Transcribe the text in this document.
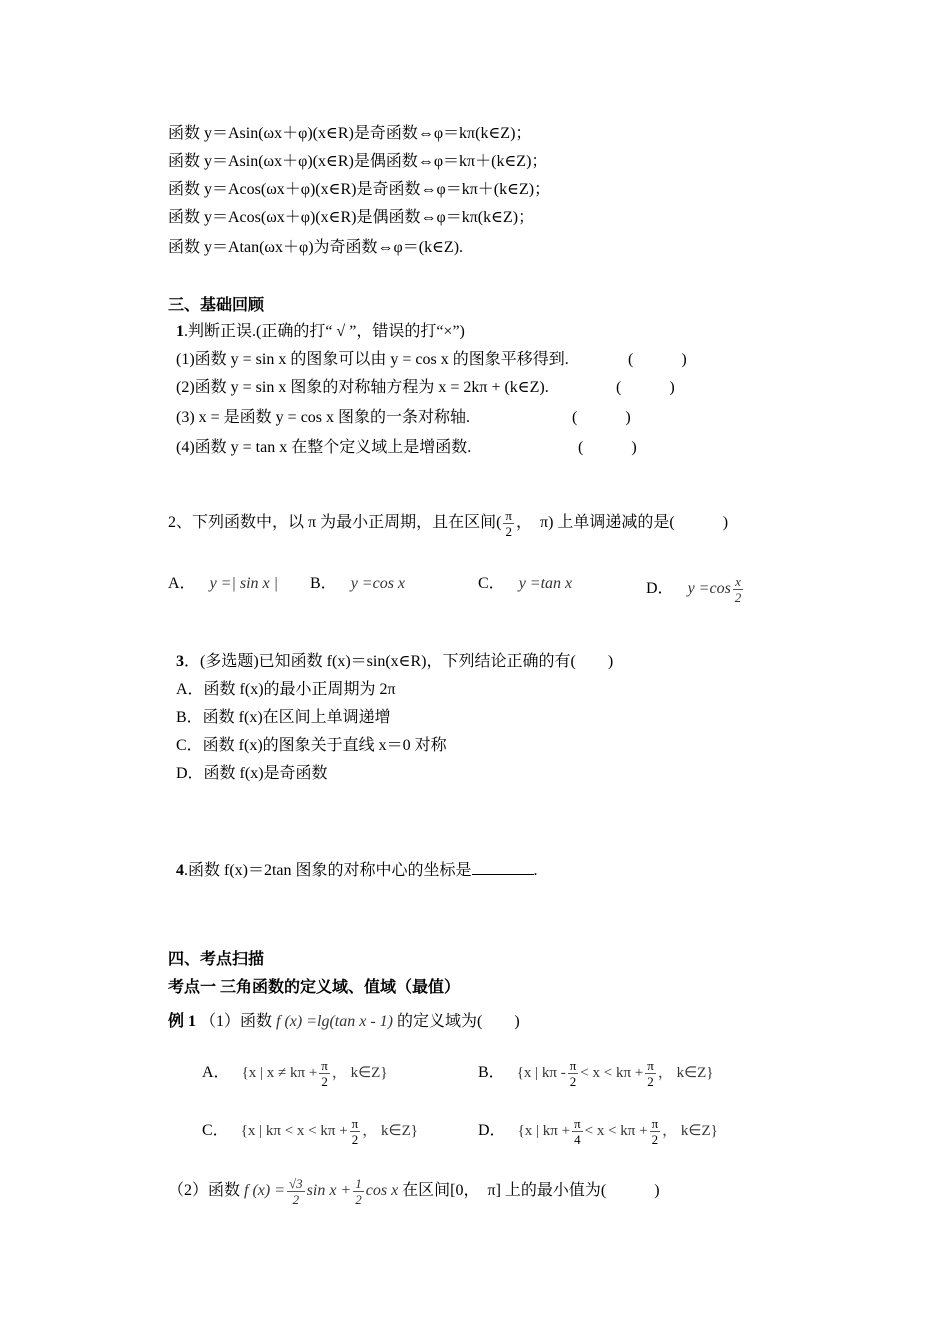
函数 y＝Asin(ωx＋φ)(x∈R)是奇函数⇔φ＝kπ(k∈Z)；
函数 y＝Asin(ωx＋φ)(x∈R)是偶函数⇔φ＝kπ＋(k∈Z)；
函数 y＝Acos(ωx＋φ)(x∈R)是奇函数⇔φ＝kπ＋(k∈Z)；
函数 y＝Acos(ωx＋φ)(x∈R)是偶函数⇔φ＝kπ(k∈Z)；
函数 y＝Atan(ωx＋φ)为奇函数⇔φ＝(k∈Z).
三、基础回顾
1.判断正误.(正确的打“ √ ”，错误的打“×”)
(1)函数 y = sin x 的图象可以由 y = cos x 的图象平移得到.	(　　　)
(2)函数 y = sin x 图象的对称轴方程为 x = 2kπ + (k∈Z).	(　　　)
(3) x = 是函数 y = cos x 图象的一条对称轴.	(　　　)
(4)函数 y = tan x 在整个定义域上是增函数.	(　　　)
2、下列函数中，以 π 为最小正周期，且在区间( $\frac{\pi}{2}$ ，　π) 上单调递减的是(　　　)
A． y =| sin x | B． y =cos x	C． y =tan x	D． $y =\cos \frac{x}{2}$
3．(多选题)已知函数 f(x)＝sin(x∈R)，下列结论正确的有(　　)
A．函数 f(x)的最小正周期为 2π
B．函数 f(x)在区间上单调递增
C．函数 f(x)的图象关于直线 x＝0 对称
D．函数 f(x)是奇函数
4.函数 f(x)＝2tan 图象的对称中心的坐标是	.
四、考点扫描
考点一 三角函数的定义域、值域（最值）
例 1 （1）函数 f (x) =lg(tan x - 1) 的定义域为(　　)
A． {x | $x \ne k\pi + \frac{\pi}{2}$ ， k∈Z}	B． {x | $k\pi - \frac{\pi}{2} < x < k\pi + \frac{\pi}{2}$ ， k∈Z}
C． {x | $k\pi < x < k\pi + \frac{\pi}{2}$ ， k∈Z}	D． {x | $k\pi + \frac{\pi}{4} < x < k\pi + \frac{\pi}{2}$ ， k∈Z}
（2）函数 f $(x) = \frac{√3}{2}$ $\sin x + \frac{1}{2}$ cos x 在区间[0，　π] 上的最小值为(　　　)
